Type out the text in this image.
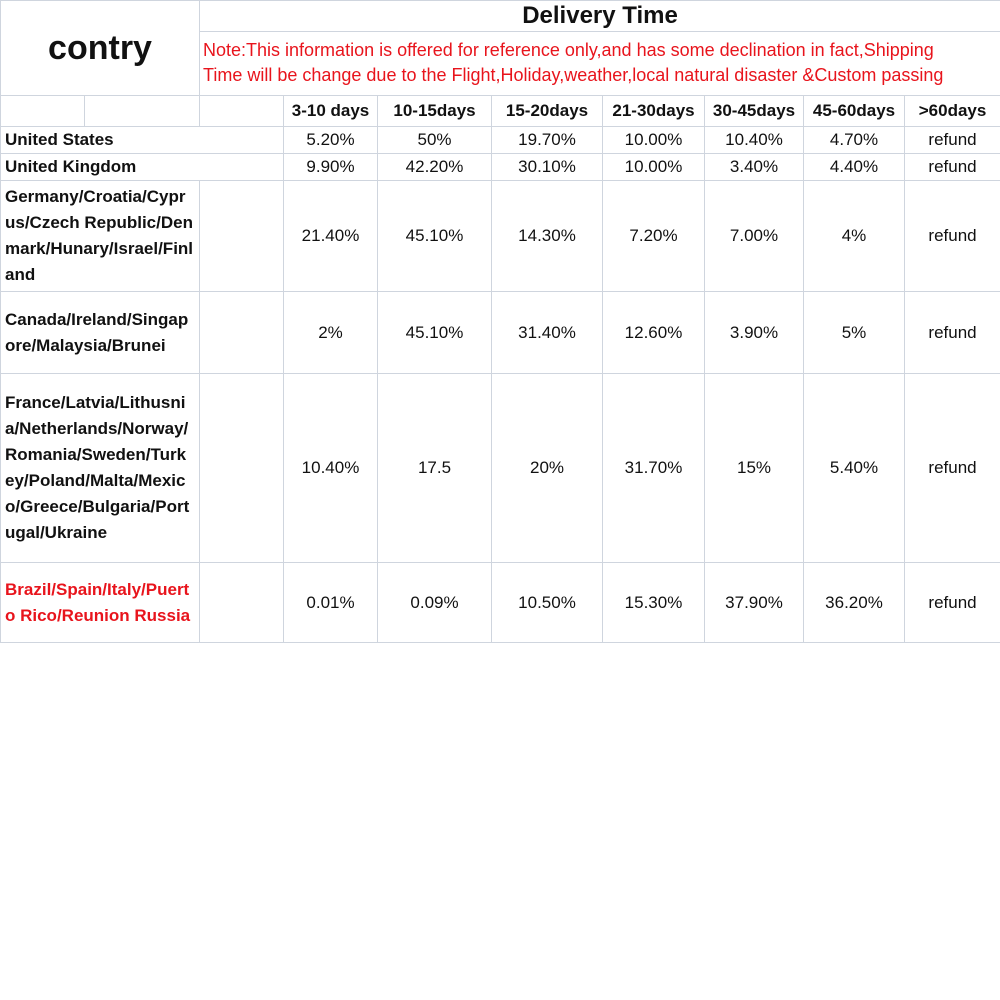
contry		Delivery Time							

		Note:This information is offered for reference only,and has some declination in fact,Shipping
Time will be change due to the Flight,Holiday,weather,local natural disaster &Custom passing							

			3-10 days	10-15days	15-20days	21-30days	30-45days	45-60days	>60days
United States			5.20%	50%	19.70%	10.00%	10.40%	4.70%	refund
United Kingdom			9.90%	42.20%	30.10%	10.00%	3.40%	4.40%	refund
Germany/Croatia/Cyprus/Czech Republic/Denmark/Hunary/Israel/Finland			21.40%	45.10%	14.30%	7.20%	7.00%	4%	refund
Canada/Ireland/Singapore/Malaysia/Brunei			2%	45.10%	31.40%	12.60%	3.90%	5%	refund
France/Latvia/Lithusnia/Netherlands/Norway/Romania/Sweden/Turkey/Poland/Malta/Mexico/Greece/Bulgaria/Portugal/Ukraine			10.40%	17.5	20%	31.70%	15%	5.40%	refund
Brazil/Spain/Italy/Puerto Rico/Reunion Russia			0.01%	0.09%	10.50%	15.30%	37.90%	36.20%	refund
